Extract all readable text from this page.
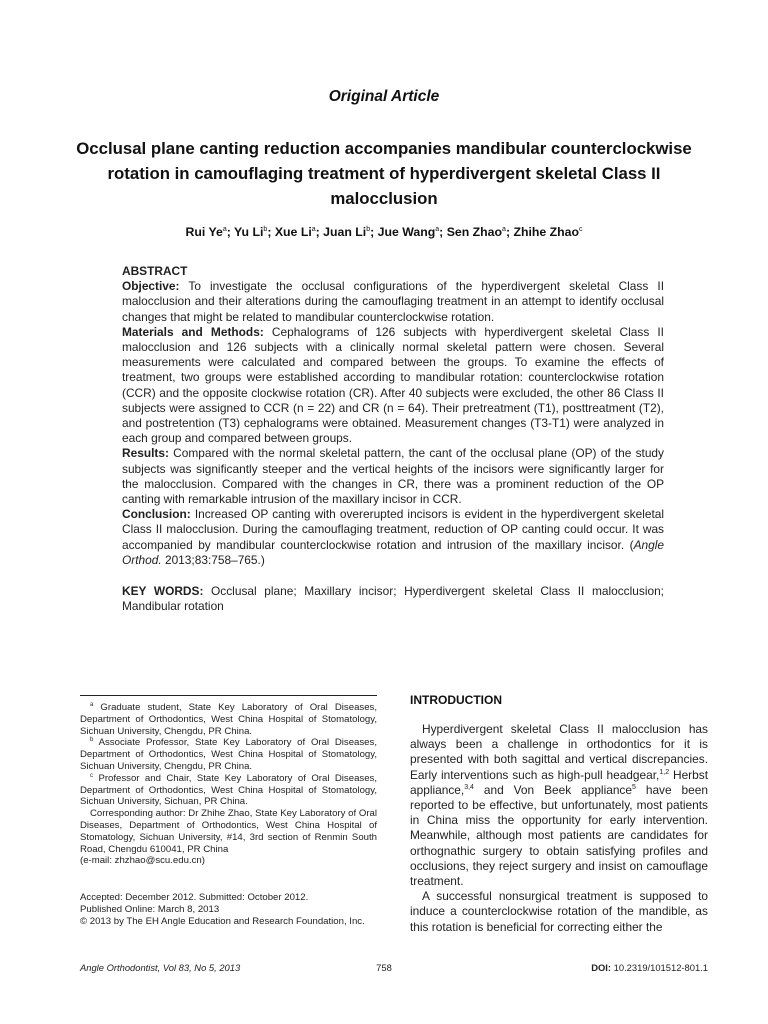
Original Article
Occlusal plane canting reduction accompanies mandibular counterclockwise rotation in camouflaging treatment of hyperdivergent skeletal Class II malocclusion
Rui Ye$^a$; Yu Li$^b$; Xue Li$^a$; Juan Li$^b$; Jue Wang$^a$; Sen Zhao$^a$; Zhihe Zhao$^c$
ABSTRACT

Objective: To investigate the occlusal configurations of the hyperdivergent skeletal Class II malocclusion and their alterations during the camouflaging treatment in an attempt to identify occlusal changes that might be related to mandibular counterclockwise rotation.

Materials and Methods: Cephalograms of 126 subjects with hyperdivergent skeletal Class II malocclusion and 126 subjects with a clinically normal skeletal pattern were chosen. Several measurements were calculated and compared between the groups. To examine the effects of treatment, two groups were established according to mandibular rotation: counterclockwise rotation (CCR) and the opposite clockwise rotation (CR). After 40 subjects were excluded, the other 86 Class II subjects were assigned to CCR (n = 22) and CR (n = 64). Their pretreatment (T1), posttreatment (T2), and postretention (T3) cephalograms were obtained. Measurement changes (T3-T1) were analyzed in each group and compared between groups.

Results: Compared with the normal skeletal pattern, the cant of the occlusal plane (OP) of the study subjects was significantly steeper and the vertical heights of the incisors were significantly larger for the malocclusion. Compared with the changes in CR, there was a prominent reduction of the OP canting with remarkable intrusion of the maxillary incisor in CCR.

Conclusion: Increased OP canting with overerupted incisors is evident in the hyperdivergent skeletal Class II malocclusion. During the camouflaging treatment, reduction of OP canting could occur. It was accompanied by mandibular counterclockwise rotation and intrusion of the maxillary incisor. (Angle Orthod. 2013;83:758–765.)

KEY WORDS: Occlusal plane; Maxillary incisor; Hyperdivergent skeletal Class II malocclusion; Mandibular rotation

$^a$ Graduate student, State Key Laboratory of Oral Diseases, Department of Orthodontics, West China Hospital of Stomatology, Sichuan University, Chengdu, PR China.

$^b$ Associate Professor, State Key Laboratory of Oral Diseases, Department of Orthodontics, West China Hospital of Stomatology, Sichuan University, Chengdu, PR China.

$^c$ Professor and Chair, State Key Laboratory of Oral Diseases, Department of Orthodontics, West China Hospital of Stomatology, Sichuan University, Sichuan, PR China.

Corresponding author: Dr Zhihe Zhao, State Key Laboratory of Oral Diseases, Department of Orthodontics, West China Hospital of Stomatology, Sichuan University, #14, 3rd section of Renmin South Road, Chengdu 610041, PR China

(e-mail: zhzhao@scu.edu.cn)

Accepted: December 2012. Submitted: October 2012.

Published Online: March 8, 2013

© 2013 by The EH Angle Education and Research Foundation, Inc.

INTRODUCTION

Hyperdivergent skeletal Class II malocclusion has always been a challenge in orthodontics for it is presented with both sagittal and vertical discrepancies. Early interventions such as high-pull headgear,$^{1,2}$ Herbst appliance,$^{3,4}$ and Von Beek appliance$^5$ have been reported to be effective, but unfortunately, most patients in China miss the opportunity for early intervention. Meanwhile, although most patients are candidates for orthognathic surgery to obtain satisfying profiles and occlusions, they reject surgery and insist on camouflage treatment.

A successful nonsurgical treatment is supposed to induce a counterclockwise rotation of the mandible, as this rotation is beneficial for correcting either the

Angle Orthodontist, Vol 83, No 5, 2013	758	DOI: 10.2319/101512-801.1
